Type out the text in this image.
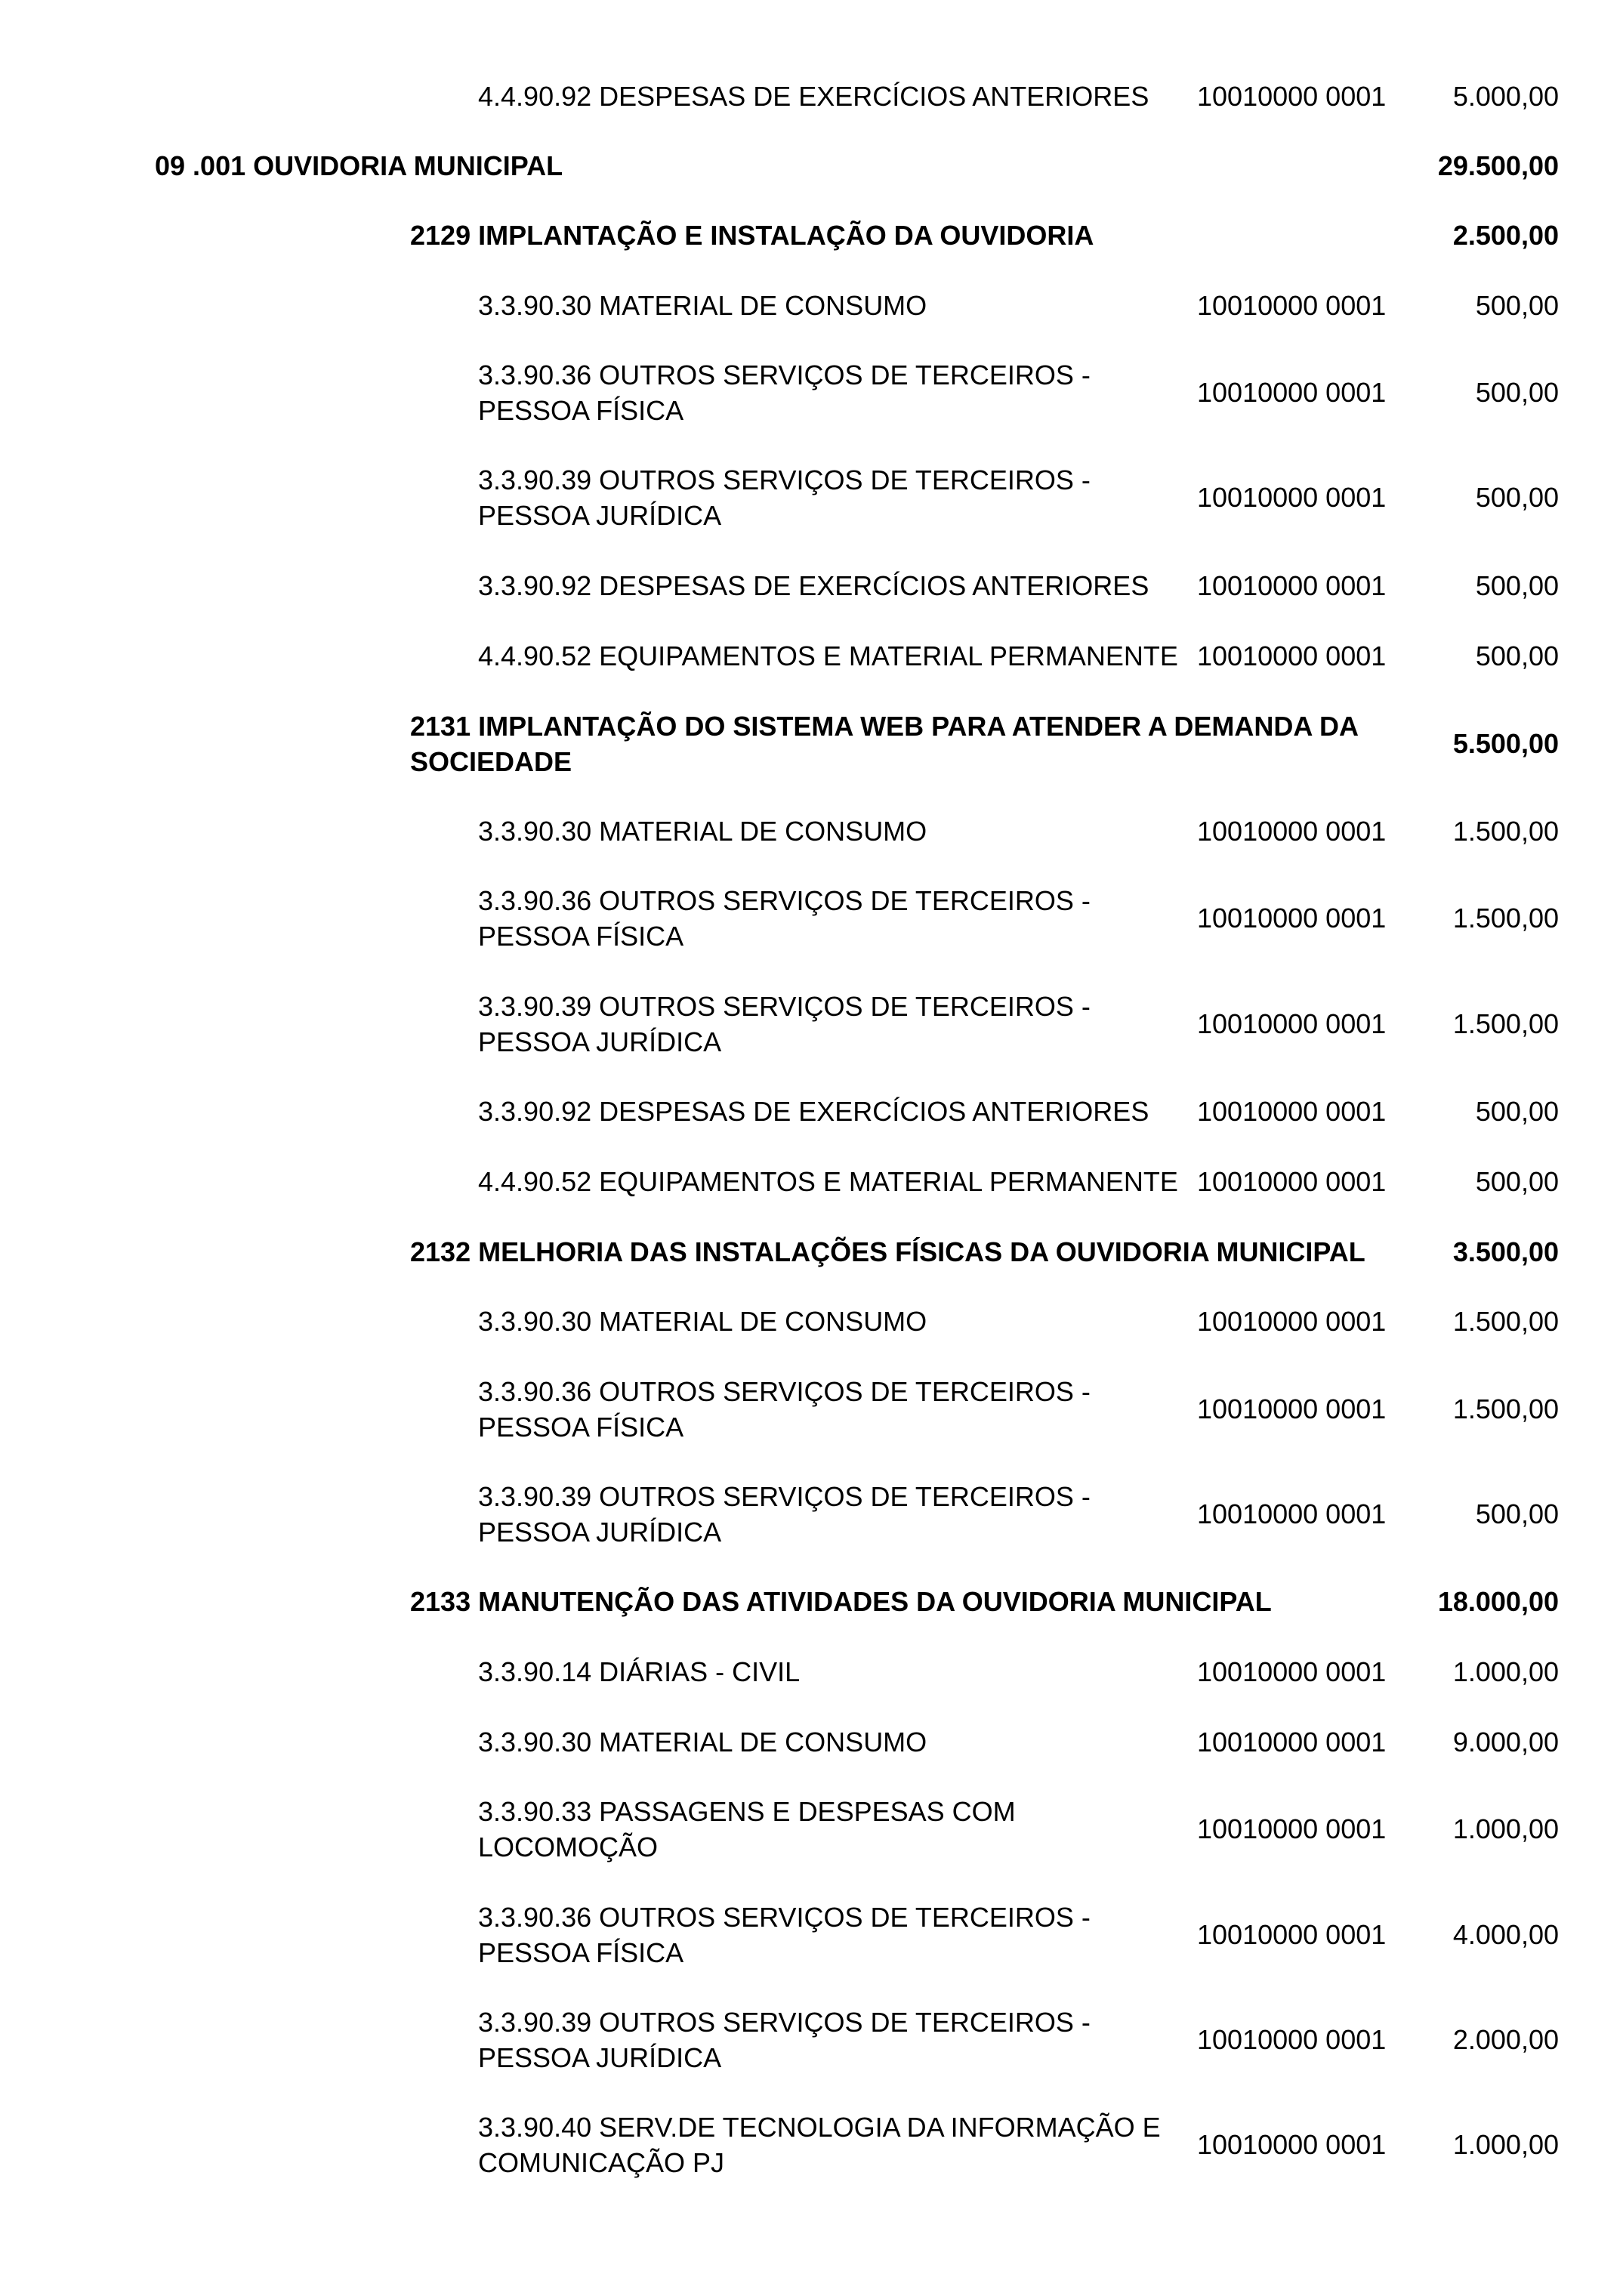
4.4.90.92 DESPESAS DE EXERCÍCIOS ANTERIORES	10010000 0001 5.000,00
09 .001 OUVIDORIA MUNICIPAL	29.500,00
2129 IMPLANTAÇÃO E INSTALAÇÃO DA OUVIDORIA	2.500,00
3.3.90.30 MATERIAL DE CONSUMO	10010000 0001	500,00
3.3.90.36 OUTROS SERVIÇOS DE TERCEIROS - PESSOA FÍSICA
10010000 0001	500,00
3.3.90.39 OUTROS SERVIÇOS DE TERCEIROS - PESSOA JURÍDICA
10010000 0001	500,00
3.3.90.92 DESPESAS DE EXERCÍCIOS ANTERIORES	10010000 0001	500,00
4.4.90.52 EQUIPAMENTOS E MATERIAL PERMANENTE 10010000 0001	500,00
2131 IMPLANTAÇÃO DO SISTEMA WEB PARA ATENDER A DEMANDA DA SOCIEDADE
5.500,00
3.3.90.30 MATERIAL DE CONSUMO	10010000 0001 1.500,00
3.3.90.36 OUTROS SERVIÇOS DE TERCEIROS - PESSOA FÍSICA
10010000 0001 1.500,00
3.3.90.39 OUTROS SERVIÇOS DE TERCEIROS - PESSOA JURÍDICA
10010000 0001 1.500,00
3.3.90.92 DESPESAS DE EXERCÍCIOS ANTERIORES	10010000 0001	500,00
4.4.90.52 EQUIPAMENTOS E MATERIAL PERMANENTE 10010000 0001	500,00
2132 MELHORIA DAS INSTALAÇÕES FÍSICAS DA OUVIDORIA MUNICIPAL	3.500,00
3.3.90.30 MATERIAL DE CONSUMO	10010000 0001 1.500,00
3.3.90.36 OUTROS SERVIÇOS DE TERCEIROS - PESSOA FÍSICA
10010000 0001 1.500,00
3.3.90.39 OUTROS SERVIÇOS DE TERCEIROS - PESSOA JURÍDICA
10010000 0001	500,00
2133 MANUTENÇÃO DAS ATIVIDADES DA OUVIDORIA MUNICIPAL	18.000,00
3.3.90.14 DIÁRIAS - CIVIL	10010000 0001 1.000,00
3.3.90.30 MATERIAL DE CONSUMO	10010000 0001 9.000,00
3.3.90.33 PASSAGENS E DESPESAS COM LOCOMOÇÃO
10010000 0001 1.000,00
3.3.90.36 OUTROS SERVIÇOS DE TERCEIROS - PESSOA FÍSICA
10010000 0001 4.000,00
3.3.90.39 OUTROS SERVIÇOS DE TERCEIROS - PESSOA JURÍDICA
10010000 0001 2.000,00
3.3.90.40 SERV.DE TECNOLOGIA DA INFORMAÇÃO E COMUNICAÇÃO PJ
10010000 0001 1.000,00
